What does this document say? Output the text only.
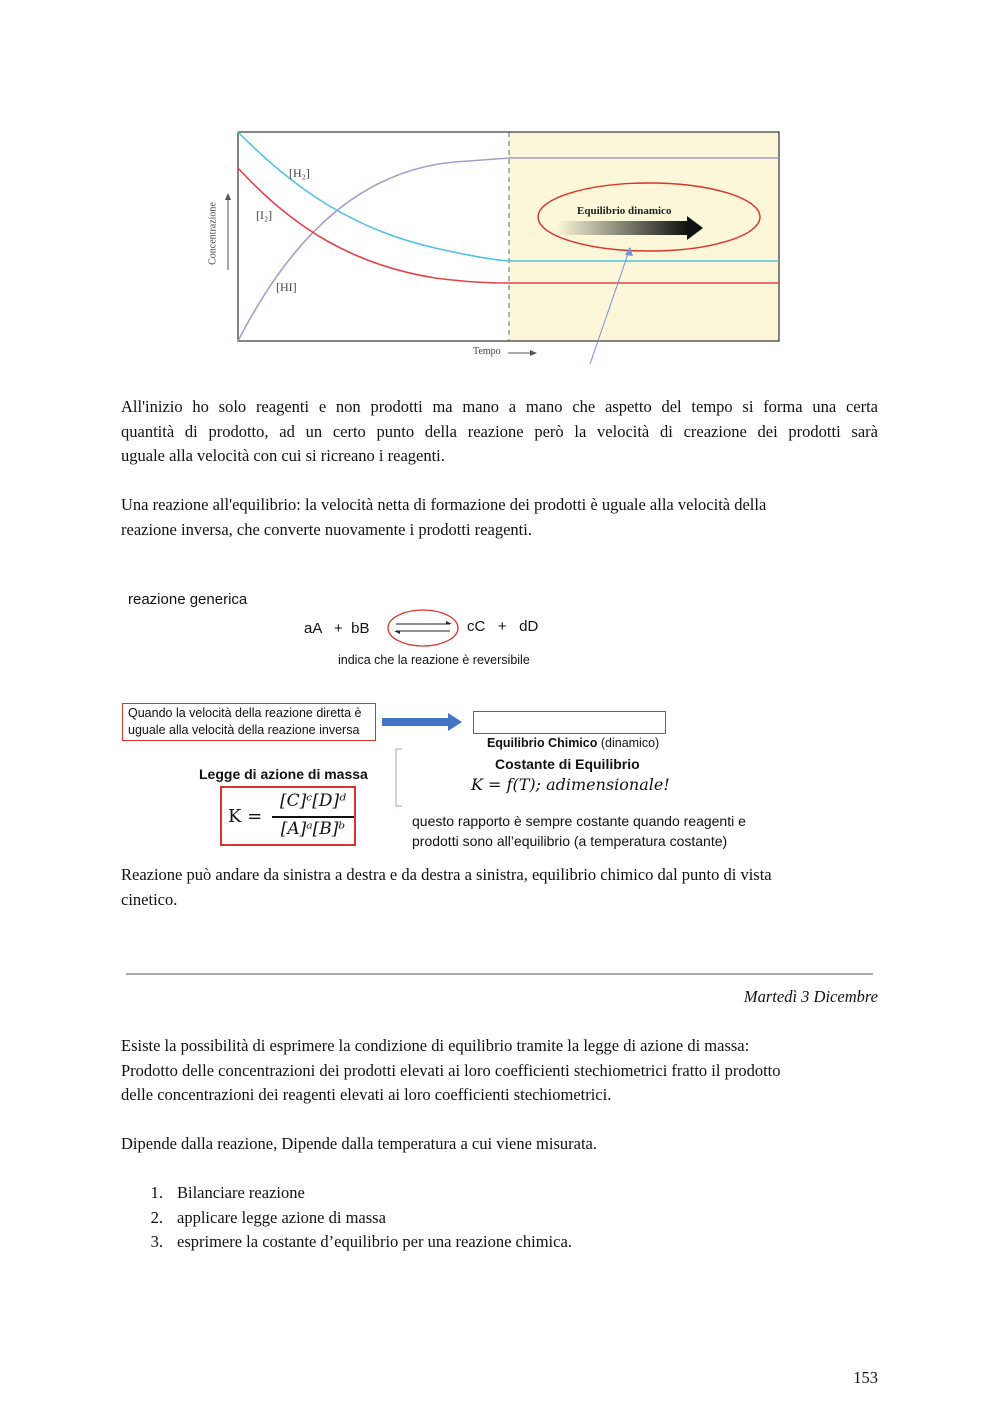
Concentrazione
Tempo
[H₂]
[I₂]
[HI]
Equilibrio dinamico
All'inizio ho solo reagenti e non prodotti ma mano a mano che aspetto del tempo si forma una certa
quantità di prodotto, ad un certo punto della reazione però la velocità di creazione dei prodotti sarà
uguale alla velocità con cui si ricreano i reagenti.
Una reazione all'equilibrio: la velocità netta di formazione dei prodotti è uguale alla velocità della
reazione inversa, che converte nuovamente i prodotti reagenti.
reazione generica
aA   +  bB	cC   +   dD
indica che la reazione è reversibile
Quando la velocità della reazione diretta è
uguale alla velocità della reazione inversa

Equilibrio Chimico (dinamico)

Legge di azione di massa
K =
[C]ᶜ[D]ᵈ
[A]ᵃ[B]ᵇ
Costante di Equilibrio
K = f(T); adimensionale!
questo rapporto è sempre costante quando reagenti e
prodotti sono all’equilibrio (a temperatura costante)
Reazione può andare da sinistra a destra e da destra a sinistra, equilibrio chimico dal punto di vista
cinetico.
Martedì 3 Dicembre
Esiste la possibilità di esprimere la condizione di equilibrio tramite la legge di azione di massa:
Prodotto delle concentrazioni dei prodotti elevati ai loro coefficienti stechiometrici fratto il prodotto
delle concentrazioni dei reagenti elevati ai loro coefficienti stechiometrici.
Dipende dalla reazione, Dipende dalla temperatura a cui viene misurata.
1. Bilanciare reazione
2. applicare legge azione di massa
3. esprimere la costante d’equilibrio per una reazione chimica.
153
